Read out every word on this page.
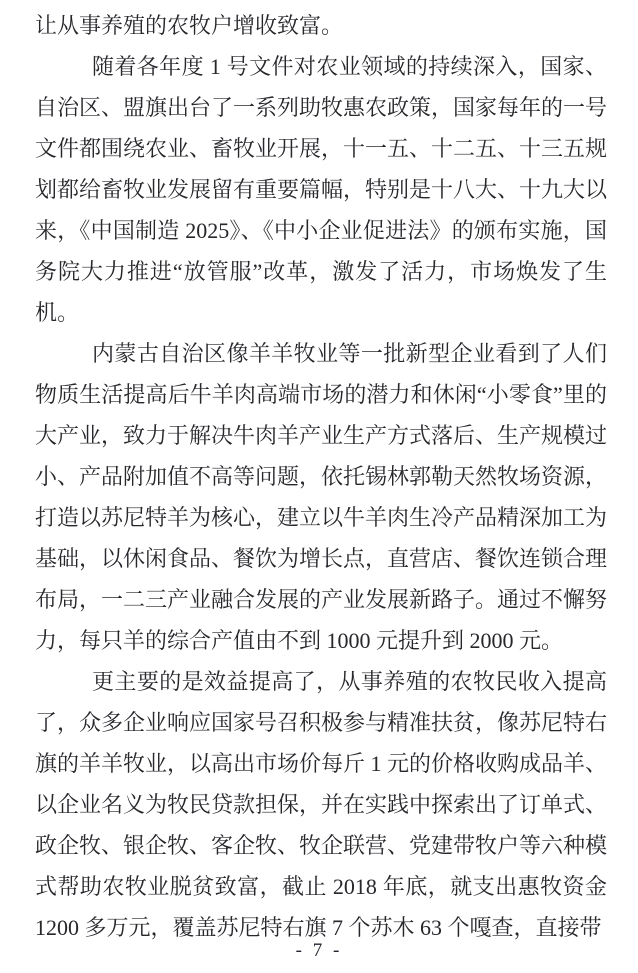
让从事养殖的农牧户增收致富。

随着各年度 1 号文件对农业领域的持续深入，国家、自治区、盟旗出台了一系列助牧惠农政策，国家每年的一号文件都围绕农业、畜牧业开展，十一五、十二五、十三五规划都给畜牧业发展留有重要篇幅，特别是十八大、十九大以来，《中国制造 2025》、《中小企业促进法》的颁布实施，国务院大力推进“放管服”改革，激发了活力，市场焕发了生机。

内蒙古自治区像羊羊牧业等一批新型企业看到了人们物质生活提高后牛羊肉高端市场的潜力和休闲“小零食”里的大产业，致力于解决牛肉羊产业生产方式落后、生产规模过小、产品附加值不高等问题，依托锡林郭勒天然牧场资源，打造以苏尼特羊为核心，建立以牛羊肉生冷产品精深加工为基础，以休闲食品、餐饮为增长点，直营店、餐饮连锁合理布局，一二三产业融合发展的产业发展新路子。通过不懈努力，每只羊的综合产值由不到 1000 元提升到 2000 元。

更主要的是效益提高了，从事养殖的农牧民收入提高了，众多企业响应国家号召积极参与精准扶贫，像苏尼特右旗的羊羊牧业，以高出市场价每斤 1 元的价格收购成品羊、以企业名义为牧民贷款担保，并在实践中探索出了订单式、政企牧、银企牧、客企牧、牧企联营、党建带牧户等六种模式帮助农牧业脱贫致富，截止 2018 年底，就支出惠牧资金 1200 多万元，覆盖苏尼特右旗 7 个苏木 63 个嘎查，直接带

- 7 -
